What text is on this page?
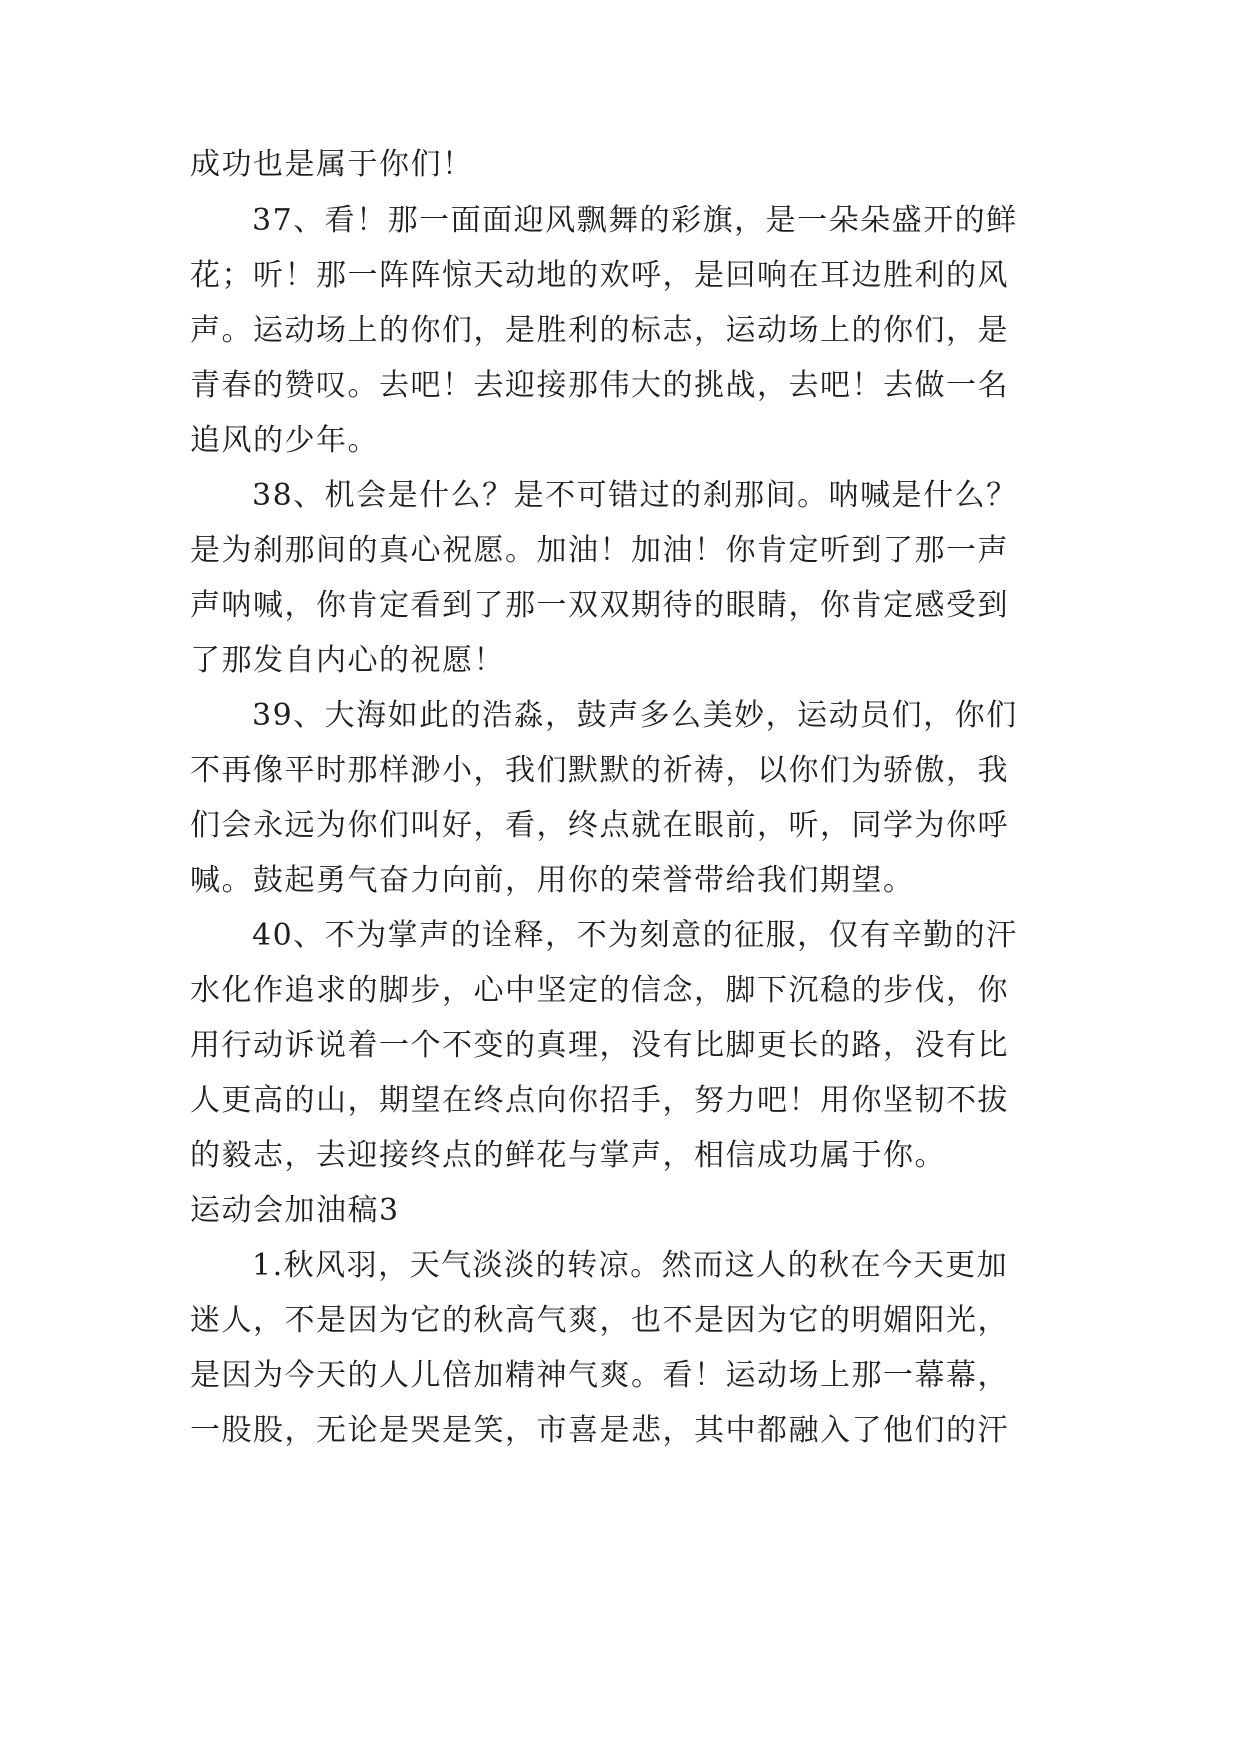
成功也是属于你们！
37、看！那一面面迎风飘舞的彩旗，是一朵朵盛开的鲜
花；听！那一阵阵惊天动地的欢呼，是回响在耳边胜利的风
声。运动场上的你们，是胜利的标志，运动场上的你们，是
青春的赞叹。去吧！去迎接那伟大的挑战，去吧！去做一名
追风的少年。
38、机会是什么？是不可错过的刹那间。呐喊是什么？
是为刹那间的真心祝愿。加油！加油！你肯定听到了那一声
声呐喊，你肯定看到了那一双双期待的眼睛，你肯定感受到
了那发自内心的祝愿！
39、大海如此的浩淼，鼓声多么美妙，运动员们，你们
不再像平时那样渺小，我们默默的祈祷，以你们为骄傲，我
们会永远为你们叫好，看，终点就在眼前，听，同学为你呼
喊。鼓起勇气奋力向前，用你的荣誉带给我们期望。
40、不为掌声的诠释，不为刻意的征服，仅有辛勤的汗
水化作追求的脚步，心中坚定的信念，脚下沉稳的步伐，你
用行动诉说着一个不变的真理，没有比脚更长的路，没有比
人更高的山，期望在终点向你招手，努力吧！用你坚韧不拔
的毅志，去迎接终点的鲜花与掌声，相信成功属于你。
运动会加油稿3
1.秋风羽，天气淡淡的转凉。然而这人的秋在今天更加
迷人，不是因为它的秋高气爽，也不是因为它的明媚阳光，
是因为今天的人儿倍加精神气爽。看！运动场上那一幕幕，
一股股，无论是哭是笑，市喜是悲，其中都融入了他们的汗
